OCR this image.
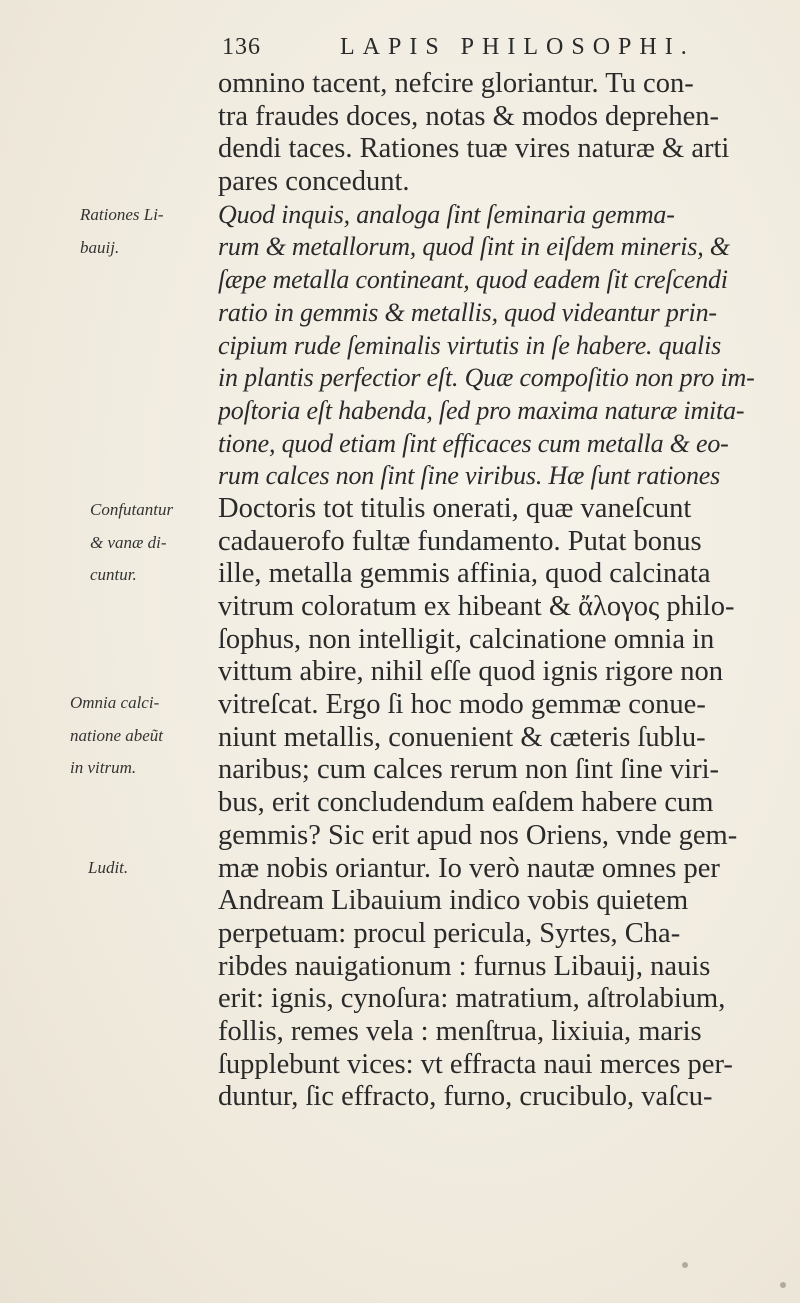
136	LAPIS PHILOSOPHI.
omnino tacent, nefcire gloriantur. Tu con-
tra fraudes doces, notas & modos deprehen-
dendi taces. Rationes tuæ vires naturæ & arti
pares concedunt.
Quod inquis, analoga ſint ſeminaria gemma-
rum & metallorum, quod ſint in eiſdem mineris, &
ſæpe metalla contineant, quod eadem ſit creſcendi
ratio in gemmis & metallis, quod videantur prin-
cipium rude ſeminalis virtutis in ſe habere. qualis
in plantis perfectior eſt. Quæ compoſitio non pro im-
poſtoria eſt habenda, ſed pro maxima naturæ imita-
tione, quod etiam ſint efficaces cum metalla & eo-
rum calces non ſint ſine viribus. Hæ ſunt rationes
Doctoris tot titulis onerati, quæ vaneſcunt
cadauerofo fultæ fundamento. Putat bonus
ille, metalla gemmis affinia, quod calcinata
vitrum coloratum ex hibeant & ἄλογος philo-
ſophus, non intelligit, calcinatione omnia in
vittum abire, nihil eſſe quod ignis rigore non
vitreſcat. Ergo ſi hoc modo gemmæ conue-
niunt metallis, conuenient & cæteris ſublu-
naribus; cum calces rerum non ſint ſine viri-
bus, erit concludendum eaſdem habere cum
gemmis? Sic erit apud nos Oriens, vnde gem-
mæ nobis oriantur. Io verò nautæ omnes per
Andream Libauium indico vobis quietem
perpetuam: procul pericula, Syrtes, Cha-
ribdes nauigationum : furnus Libauij, nauis
erit: ignis, cynoſura: matratium, aſtrolabium,
follis, remes vela : menſtrua, lixiuia, maris
ſupplebunt vices: vt effracta naui merces per-
duntur, ſic effracto, furno, crucibulo, vaſcu-
Rationes Li-
bauij.
Confutantur
& vanæ di-
cuntur.
Omnia calci-
natione abeũt
in vitrum.
Ludit.
